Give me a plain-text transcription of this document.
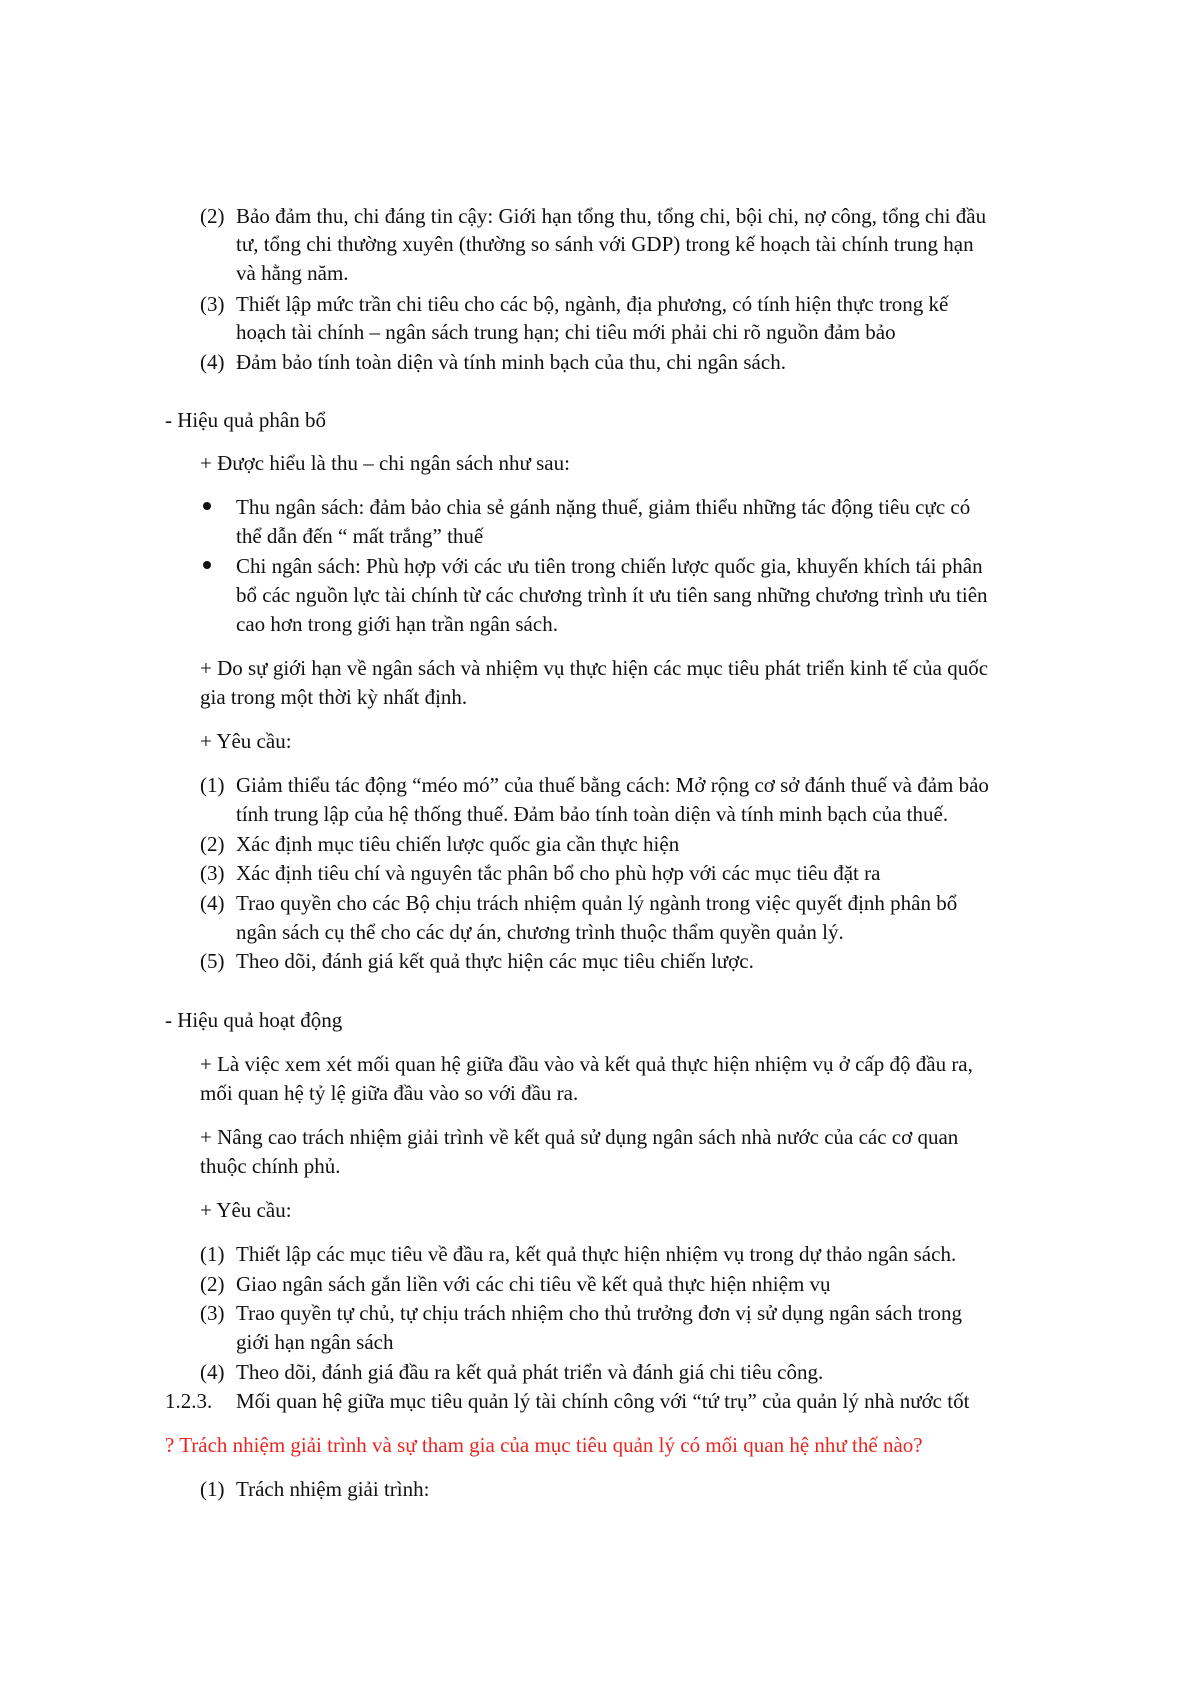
(2) Bảo đảm thu, chi đáng tin cậy: Giới hạn tổng thu, tổng chi, bội chi, nợ công, tổng chi đầu

tư, tổng chi thường xuyên (thường so sánh với GDP) trong kế hoạch tài chính trung hạn

và hằng năm.

(3) Thiết lập mức trần chi tiêu cho các bộ, ngành, địa phương, có tính hiện thực trong kế

hoạch tài chính – ngân sách trung hạn; chi tiêu mới phải chi rõ nguồn đảm bảo

(4) Đảm bảo tính toàn diện và tính minh bạch của thu, chi ngân sách.

- Hiệu quả phân bổ

+ Được hiểu là thu – chi ngân sách như sau:

Thu ngân sách: đảm bảo chia sẻ gánh nặng thuế, giảm thiểu những tác động tiêu cực có

thể dẫn đến “ mất trắng” thuế

Chi ngân sách: Phù hợp với các ưu tiên trong chiến lược quốc gia, khuyến khích tái phân

bổ các nguồn lực tài chính từ các chương trình ít ưu tiên sang những chương trình ưu tiên

cao hơn trong giới hạn trần ngân sách.

+ Do sự giới hạn về ngân sách và nhiệm vụ thực hiện các mục tiêu phát triển kinh tế của quốc

gia trong một thời kỳ nhất định.

+ Yêu cầu:

(1) Giảm thiểu tác động “méo mó” của thuế bằng cách: Mở rộng cơ sở đánh thuế và đảm bảo

tính trung lập của hệ thống thuế. Đảm bảo tính toàn diện và tính minh bạch của thuế.

(2) Xác định mục tiêu chiến lược quốc gia cần thực hiện

(3) Xác định tiêu chí và nguyên tắc phân bổ cho phù hợp với các mục tiêu đặt ra

(4) Trao quyền cho các Bộ chịu trách nhiệm quản lý ngành trong việc quyết định phân bổ

ngân sách cụ thể cho các dự án, chương trình thuộc thẩm quyền quản lý.

(5) Theo dõi, đánh giá kết quả thực hiện các mục tiêu chiến lược.

- Hiệu quả hoạt động

+ Là việc xem xét mối quan hệ giữa đầu vào và kết quả thực hiện nhiệm vụ ở cấp độ đầu ra,

mối quan hệ tỷ lệ giữa đầu vào so với đầu ra.

+ Nâng cao trách nhiệm giải trình về kết quả sử dụng ngân sách nhà nước của các cơ quan

thuộc chính phủ.

+ Yêu cầu:

(1) Thiết lập các mục tiêu về đầu ra, kết quả thực hiện nhiệm vụ trong dự thảo ngân sách.

(2) Giao ngân sách gắn liền với các chi tiêu về kết quả thực hiện nhiệm vụ

(3) Trao quyền tự chủ, tự chịu trách nhiệm cho thủ trưởng đơn vị sử dụng ngân sách trong

giới hạn ngân sách

(4) Theo dõi, đánh giá đầu ra kết quả phát triển và đánh giá chi tiêu công.

1.2.3. Mối quan hệ giữa mục tiêu quản lý tài chính công với “tứ trụ” của quản lý nhà nước tốt

? Trách nhiệm giải trình và sự tham gia của mục tiêu quản lý có mối quan hệ như thế nào?

(1) Trách nhiệm giải trình:
